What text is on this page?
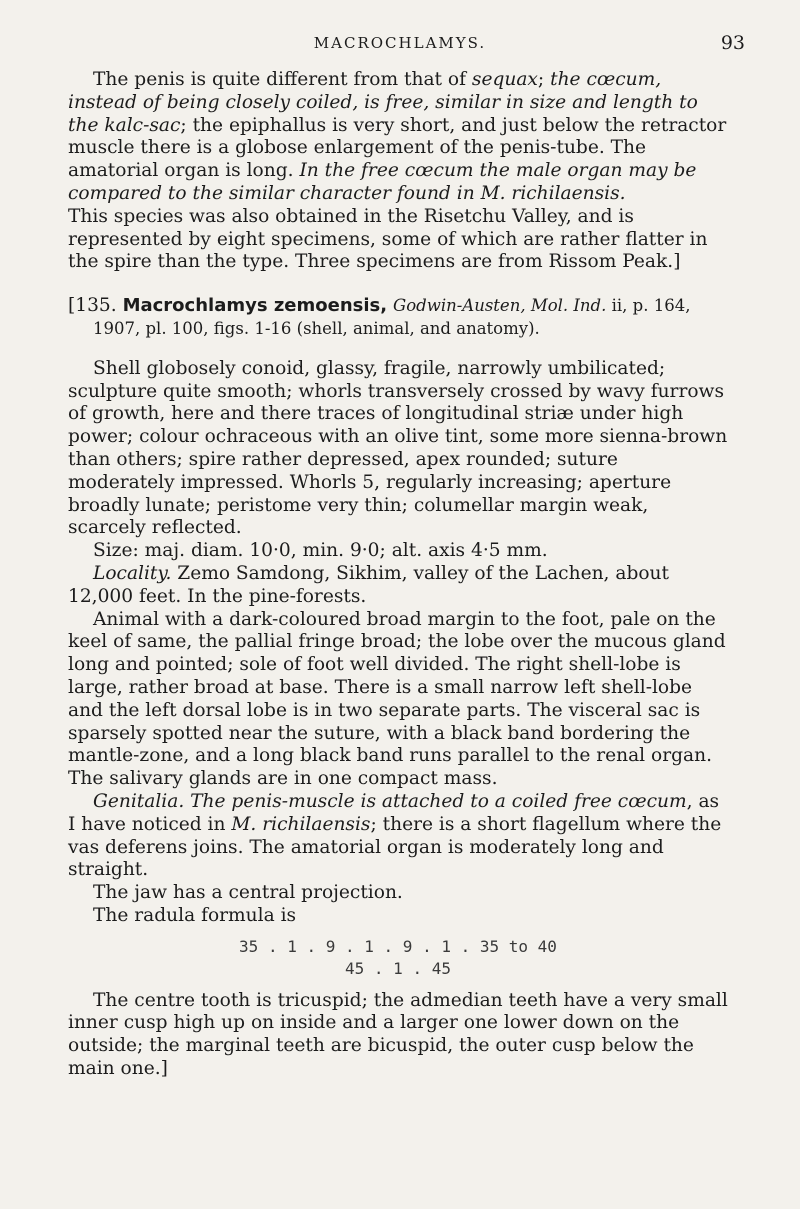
MACROCHLAMYS.	93

The penis is quite different from that of sequax; the cœcum, instead of being closely coiled, is free, similar in size and length to the kalc-sac; the epiphallus is very short, and just below the retractor muscle there is a globose enlargement of the penis-tube. The amatorial organ is long. In the free cœcum the male organ may be compared to the similar character found in M. richilaensis.

This species was also obtained in the Risetchu Valley, and is represented by eight specimens, some of which are rather flatter in the spire than the type. Three specimens are from Rissom Peak.]

[135. Macrochlamys zemoensis, Godwin-Austen, Mol. Ind. ii, p. 164,
1907, pl. 100, figs. 1-16 (shell, animal, and anatomy).

Shell globosely conoid, glassy, fragile, narrowly umbilicated; sculpture quite smooth; whorls transversely crossed by wavy furrows of growth, here and there traces of longitudinal striæ under high power; colour ochraceous with an olive tint, some more sienna-brown than others; spire rather depressed, apex rounded; suture moderately impressed. Whorls 5, regularly increasing; aperture broadly lunate; peristome very thin; columellar margin weak, scarcely reflected.

Size: maj. diam. 10·0, min. 9·0; alt. axis 4·5 mm.

Locality. Zemo Samdong, Sikhim, valley of the Lachen, about 12,000 feet. In the pine-forests.

Animal with a dark-coloured broad margin to the foot, pale on the keel of same, the pallial fringe broad; the lobe over the mucous gland long and pointed; sole of foot well divided. The right shell-lobe is large, rather broad at base. There is a small narrow left shell-lobe and the left dorsal lobe is in two separate parts. The visceral sac is sparsely spotted near the suture, with a black band bordering the mantle-zone, and a long black band runs parallel to the renal organ. The salivary glands are in one compact mass.

Genitalia. The penis-muscle is attached to a coiled free cœcum, as I have noticed in M. richilaensis; there is a short flagellum where the vas deferens joins. The amatorial organ is moderately long and straight.

The jaw has a central projection.

The radula formula is

35 . 1 . 9 . 1 . 9 . 1 . 35 to 40
45 . 1 . 45

The centre tooth is tricuspid; the admedian teeth have a very small inner cusp high up on inside and a larger one lower down on the outside; the marginal teeth are bicuspid, the outer cusp below the main one.]
